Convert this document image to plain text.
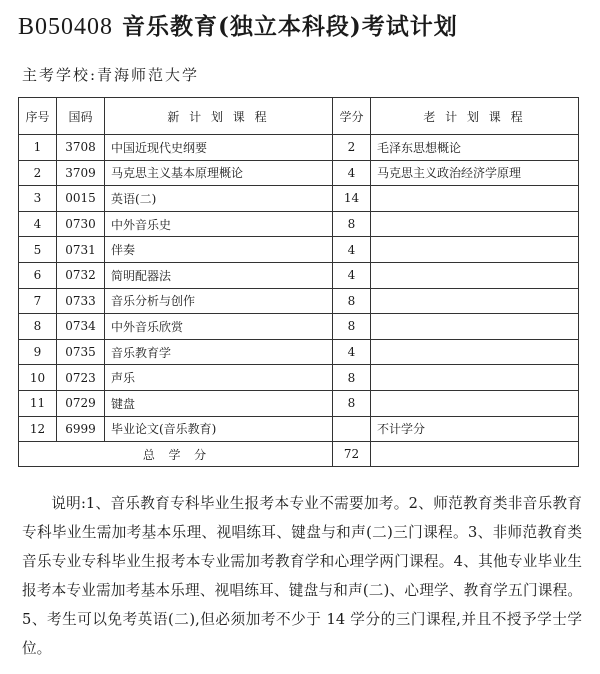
B050408 音乐教育(独立本科段)考试计划
主考学校:青海师范大学
序号	国码	新 计 划 课 程	学分	老 计 划 课 程
1	3708	中国近现代史纲要	2	毛泽东思想概论
2	3709	马克思主义基本原理概论	4	马克思主义政治经济学原理
3	0015	英语(二)	14	
4	0730	中外音乐史	8	
5	0731	伴奏	4	
6	0732	简明配器法	4	
7	0733	音乐分析与创作	8	
8	0734	中外音乐欣赏	8	
9	0735	音乐教育学	4	
10	0723	声乐	8	
11	0729	键盘	8	
12	6999	毕业论文(音乐教育)		不计学分
总  学  分			72	

说明:1、音乐教育专科毕业生报考本专业不需要加考。2、师范教育类非音乐教育专科毕业生需加考基本乐理、视唱练耳、键盘与和声(二)三门课程。3、非师范教育类音乐专业专科毕业生报考本专业需加考教育学和心理学两门课程。4、其他专业毕业生报考本专业需加考基本乐理、视唱练耳、键盘与和声(二)、心理学、教育学五门课程。5、考生可以免考英语(二),但必须加考不少于 14 学分的三门课程,并且不授予学士学位。
